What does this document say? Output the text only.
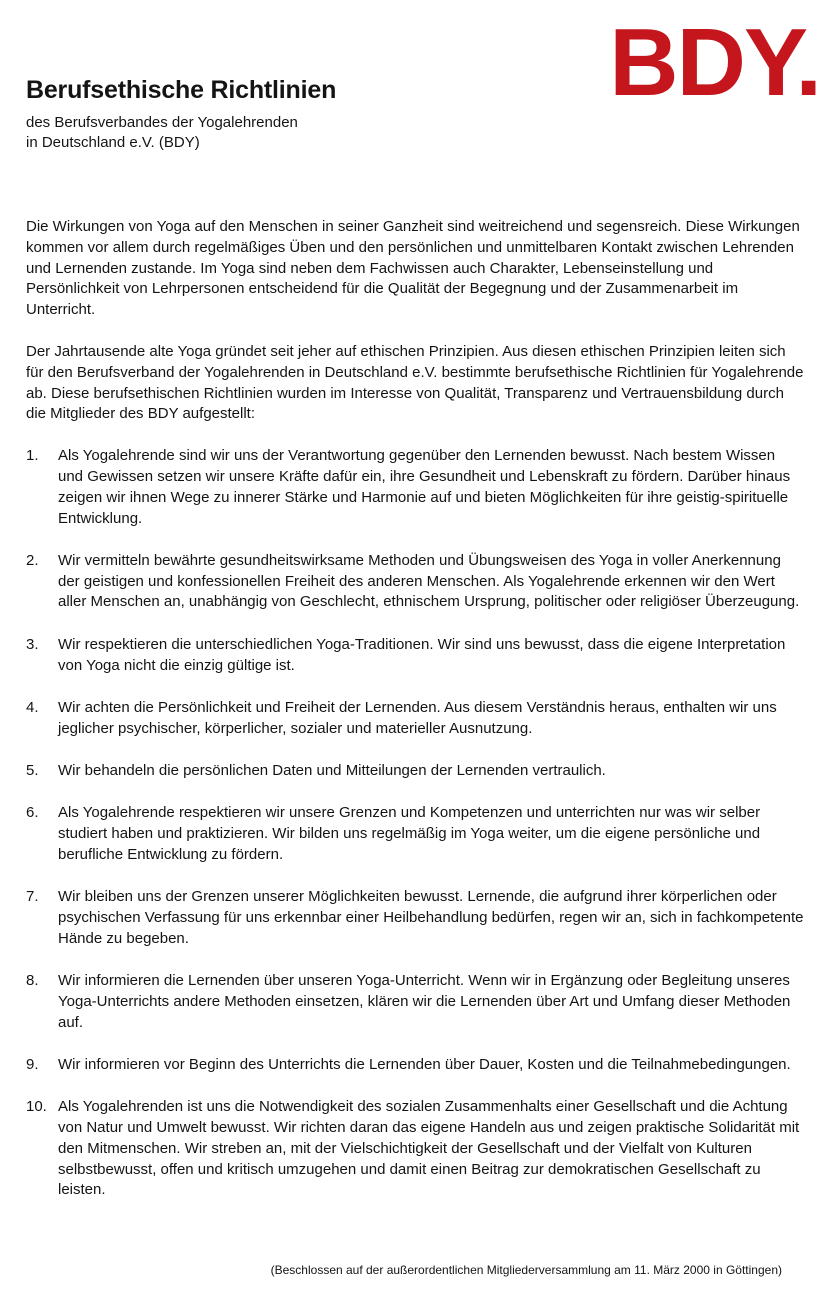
BDY.
Berufsethische Richtlinien
des Berufsverbandes der Yogalehrenden
in Deutschland e.V. (BDY)

Die Wirkungen von Yoga auf den Menschen in seiner Ganzheit sind weitreichend und segensreich. Diese Wirkungen kommen vor allem durch regelmäßiges Üben und den persönlichen und unmittelbaren Kontakt zwischen Lehrenden und Lernenden zustande. Im Yoga sind neben dem Fachwissen auch Charakter, Lebenseinstellung und Persönlichkeit von Lehrpersonen entscheidend für die Qualität der Begegnung und der Zusammenarbeit im Unterricht.

Der Jahrtausende alte Yoga gründet seit jeher auf ethischen Prinzipien. Aus diesen ethischen Prinzipien leiten sich für den Berufsverband der Yogalehrenden in Deutschland e.V. bestimmte berufsethische Richtlinien für Yogalehrende ab. Diese berufsethischen Richtlinien wurden im Interesse von Qualität, Transparenz und Vertrauensbildung durch die Mitglieder des BDY aufgestellt:

1. Als Yogalehrende sind wir uns der Verantwortung gegenüber den Lernenden bewusst. Nach bestem Wissen und Gewissen setzen wir unsere Kräfte dafür ein, ihre Gesundheit und Lebenskraft zu fördern. Darüber hinaus zeigen wir ihnen Wege zu innerer Stärke und Harmonie auf und bieten Möglichkeiten für ihre geistig-spirituelle Entwicklung.
2. Wir vermitteln bewährte gesundheitswirksame Methoden und Übungsweisen des Yoga in voller Anerkennung der geistigen und konfessionellen Freiheit des anderen Menschen. Als Yogalehrende erkennen wir den Wert aller Menschen an, unabhängig von Geschlecht, ethnischem Ursprung, politischer oder religiöser Überzeugung.
3. Wir respektieren die unterschiedlichen Yoga-Traditionen. Wir sind uns bewusst, dass die eigene Interpretation von Yoga nicht die einzig gültige ist.
4. Wir achten die Persönlichkeit und Freiheit der Lernenden. Aus diesem Verständnis heraus, enthalten wir uns jeglicher psychischer, körperlicher, sozialer und materieller Ausnutzung.
5. Wir behandeln die persönlichen Daten und Mitteilungen der Lernenden vertraulich.
6. Als Yogalehrende respektieren wir unsere Grenzen und Kompetenzen und unterrichten nur was wir selber studiert haben und praktizieren. Wir bilden uns regelmäßig im Yoga weiter, um die eigene persönliche und berufliche Entwicklung zu fördern.
7. Wir bleiben uns der Grenzen unserer Möglichkeiten bewusst. Lernende, die aufgrund ihrer körperlichen oder psychischen Verfassung für uns erkennbar einer Heilbehandlung bedürfen, regen wir an, sich in fachkompetente Hände zu begeben.
8. Wir informieren die Lernenden über unseren Yoga-Unterricht. Wenn wir in Ergänzung oder Begleitung unseres Yoga-Unterrichts andere Methoden einsetzen, klären wir die Lernenden über Art und Umfang dieser Methoden auf.
9. Wir informieren vor Beginn des Unterrichts die Lernenden über Dauer, Kosten und die Teilnahmebedingungen.
10. Als Yogalehrenden ist uns die Notwendigkeit des sozialen Zusammenhalts einer Gesellschaft und die Achtung von Natur und Umwelt bewusst. Wir richten daran das eigene Handeln aus und zeigen praktische Solidarität mit den Mitmenschen. Wir streben an, mit der Vielschichtigkeit der Gesellschaft und der Vielfalt von Kulturen selbstbewusst, offen und kritisch umzugehen und damit einen Beitrag zur demokratischen Gesellschaft zu leisten.
(Beschlossen auf der außerordentlichen Mitgliederversammlung am 11. März 2000 in Göttingen)
